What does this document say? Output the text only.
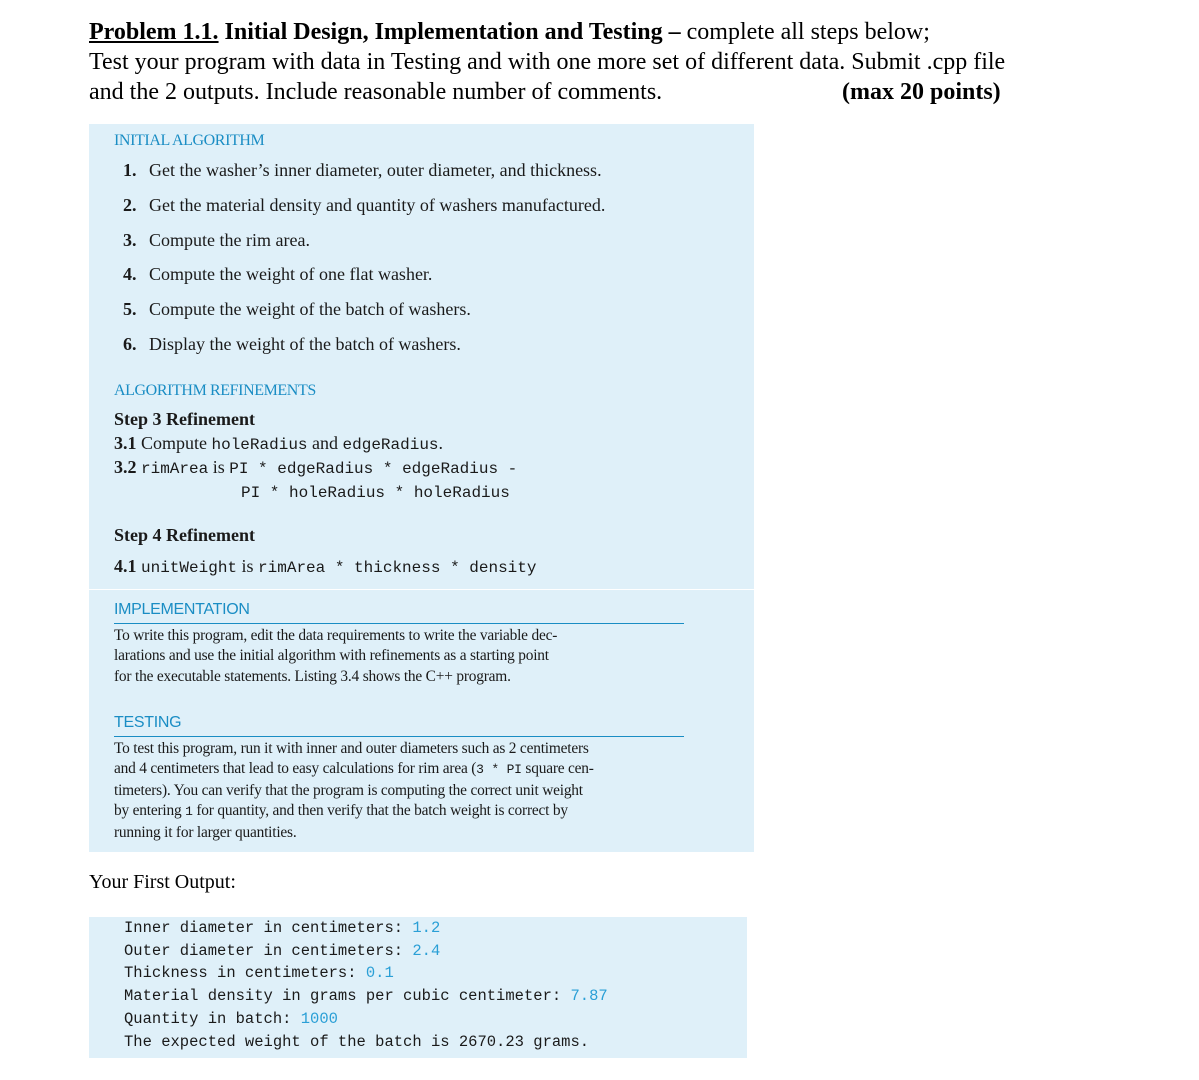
Problem 1.1. Initial Design, Implementation and Testing – complete all steps below;
Test your program with data in Testing and with one more set of different data. Submit .cpp file
and the 2 outputs. Include reasonable number of comments.	(max 20 points)
INITIAL ALGORITHM
1. Get the washer’s inner diameter, outer diameter, and thickness.
2. Get the material density and quantity of washers manufactured.
3. Compute the rim area.
4. Compute the weight of one flat washer.
5. Compute the weight of the batch of washers.
6. Display the weight of the batch of washers.
ALGORITHM REFINEMENTS
Step 3 Refinement
3.1 Compute holeRadius and edgeRadius.
3.2 rimArea is PI * edgeRadius * edgeRadius -
PI * holeRadius * holeRadius
Step 4 Refinement
4.1 unitWeight is rimArea * thickness * density
IMPLEMENTATION
To write this program, edit the data requirements to write the variable dec-
larations and use the initial algorithm with refinements as a starting point
for the executable statements. Listing 3.4 shows the C++ program.
TESTING
To test this program, run it with inner and outer diameters such as 2 centimeters
and 4 centimeters that lead to easy calculations for rim area (3 * PI square cen-
timeters). You can verify that the program is computing the correct unit weight
by entering 1 for quantity, and then verify that the batch weight is correct by
running it for larger quantities.
Your First Output:
Inner diameter in centimeters: 1.2
Outer diameter in centimeters: 2.4
Thickness in centimeters: 0.1
Material density in grams per cubic centimeter: 7.87
Quantity in batch: 1000
The expected weight of the batch is 2670.23 grams.
